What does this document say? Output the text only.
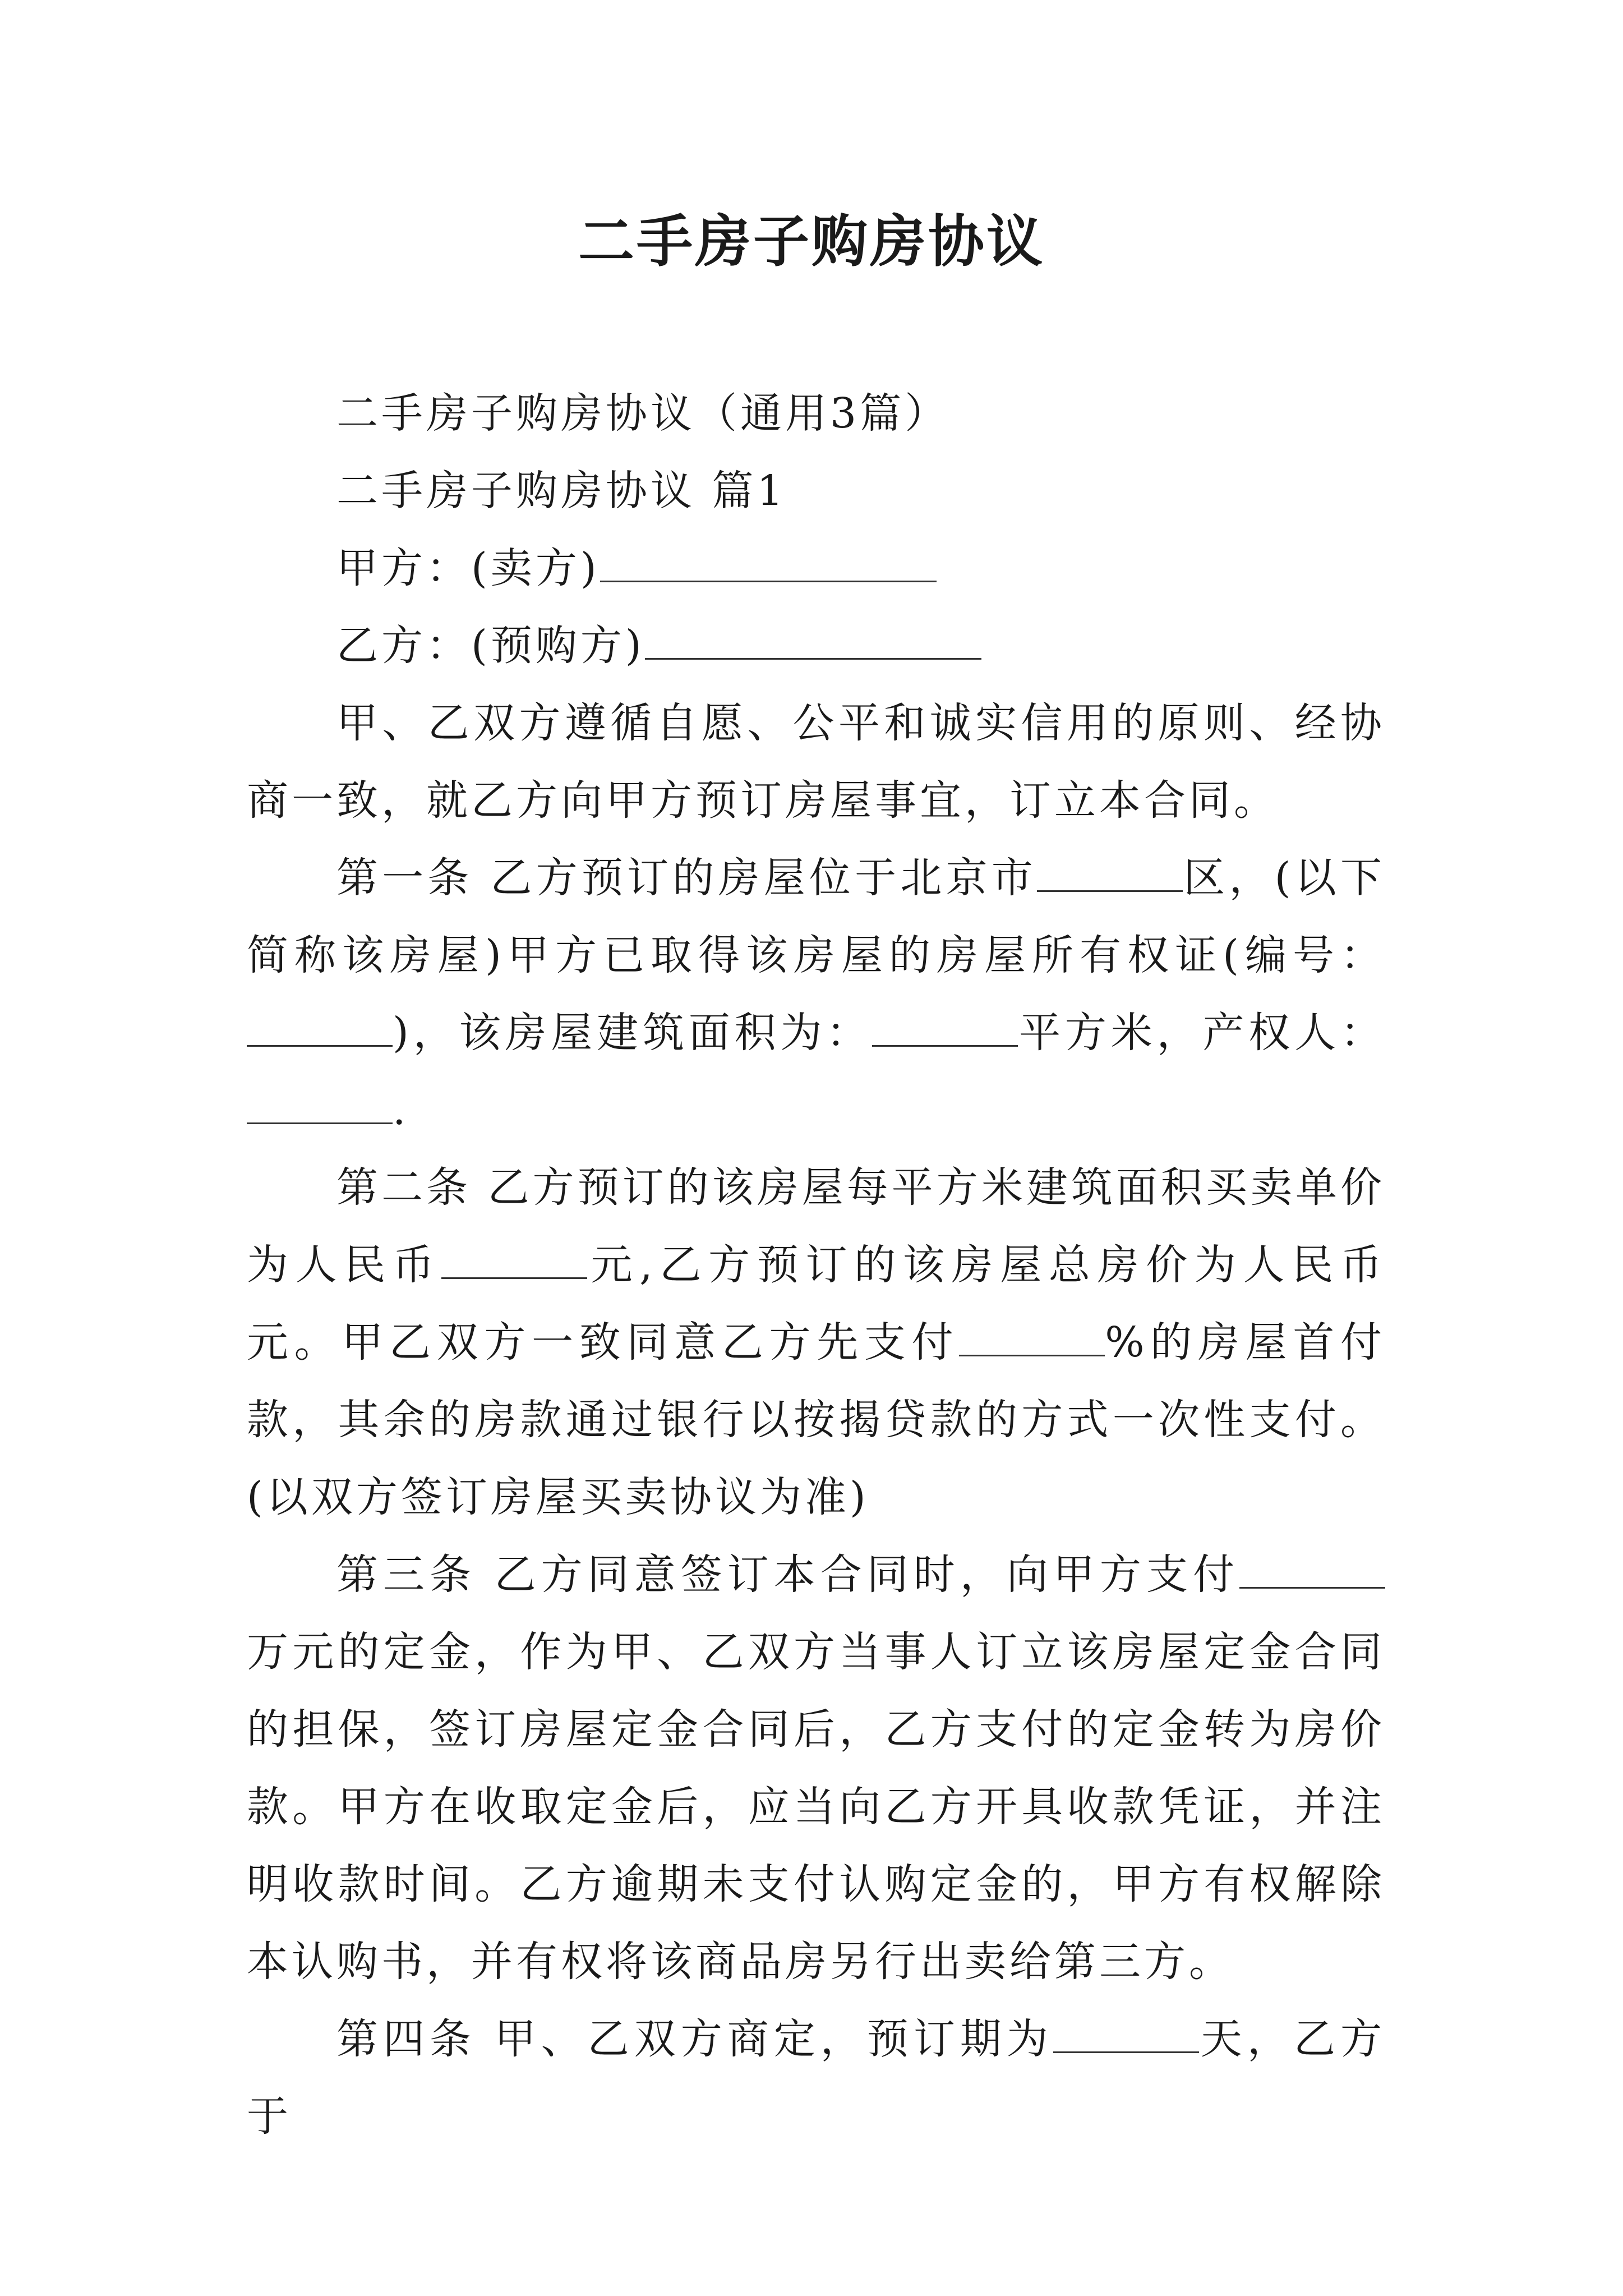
二手房子购房协议

二手房子购房协议（通用3篇）

二手房子购房协议 篇1

甲方：(卖方)

乙方：(预购方)

甲、乙双方遵循自愿、公平和诚实信用的原则、经协商一致，就乙方向甲方预订房屋事宜，订立本合同。

第一条 乙方预订的房屋位于北京市	区，(以下简称该房屋)甲方已取得该房屋的房屋所有权证(编号：)，该房屋建筑面积为：	平方米，产权人：.

第二条 乙方预订的该房屋每平方米建筑面积买卖单价为人民币	元,乙方预订的该房屋总房价为人民币 元。甲乙双方一致同意乙方先支付	%的房屋首付款，其余的房款通过银行以按揭贷款的方式一次性支付。(以双方签订房屋买卖协议为准)

第三条 乙方同意签订本合同时，向甲方支付万元的定金，作为甲、乙双方当事人订立该房屋定金合同的担保，签订房屋定金合同后，乙方支付的定金转为房价款。甲方在收取定金后，应当向乙方开具收款凭证，并注明收款时间。乙方逾期未支付认购定金的，甲方有权解除本认购书，并有权将该商品房另行出卖给第三方。

第四条 甲、乙双方商定，预订期为	天，乙方于
